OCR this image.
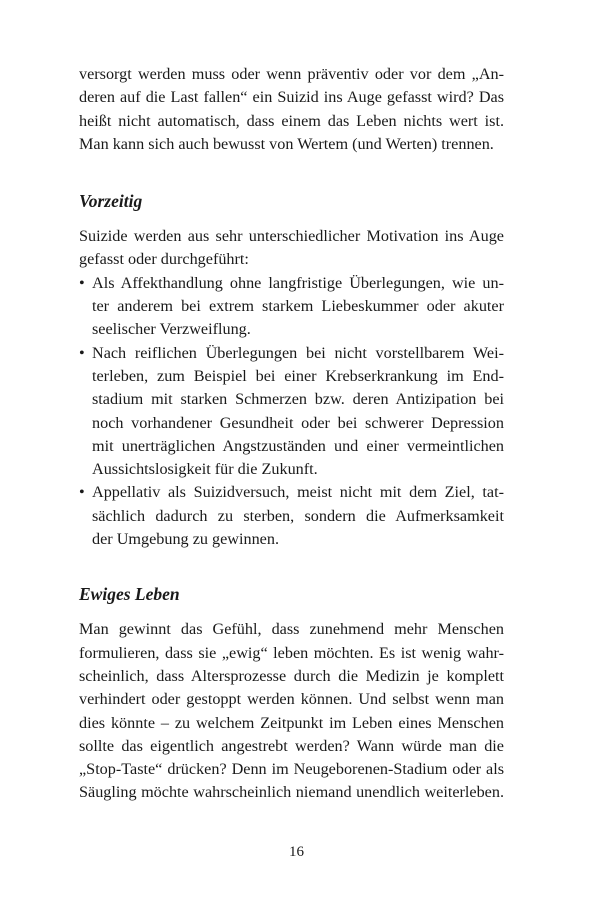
versorgt werden muss oder wenn präventiv oder vor dem „An-
deren auf die Last fallen“ ein Suizid ins Auge gefasst wird? Das
heißt nicht automatisch, dass einem das Leben nichts wert ist.
Man kann sich auch bewusst von Wertem (und Werten) trennen.

Vorzeitig

Suizide werden aus sehr unterschiedlicher Motivation ins Auge
gefasst oder durchgeführt:

• Als Affekthandlung ohne langfristige Überlegungen, wie un-
ter anderem bei extrem starkem Liebeskummer oder akuter
seelischer Verzweiflung.
• Nach reiflichen Überlegungen bei nicht vorstellbarem Wei-
terleben, zum Beispiel bei einer Krebserkrankung im End-
stadium mit starken Schmerzen bzw. deren Antizipation bei
noch vorhandener Gesundheit oder bei schwerer Depression
mit unerträglichen Angstzuständen und einer vermeintlichen
Aussichtslosigkeit für die Zukunft.
• Appellativ als Suizidversuch, meist nicht mit dem Ziel, tat-
sächlich dadurch zu sterben, sondern die Aufmerksamkeit
der Umgebung zu gewinnen.
Ewiges Leben

Man gewinnt das Gefühl, dass zunehmend mehr Menschen
formulieren, dass sie „ewig“ leben möchten. Es ist wenig wahr-
scheinlich, dass Altersprozesse durch die Medizin je komplett
verhindert oder gestoppt werden können. Und selbst wenn man
dies könnte – zu welchem Zeitpunkt im Leben eines Menschen
sollte das eigentlich angestrebt werden? Wann würde man die
„Stop-Taste“ drücken? Denn im Neugeborenen-Stadium oder als
Säugling möchte wahrscheinlich niemand unendlich weiterleben.

16
